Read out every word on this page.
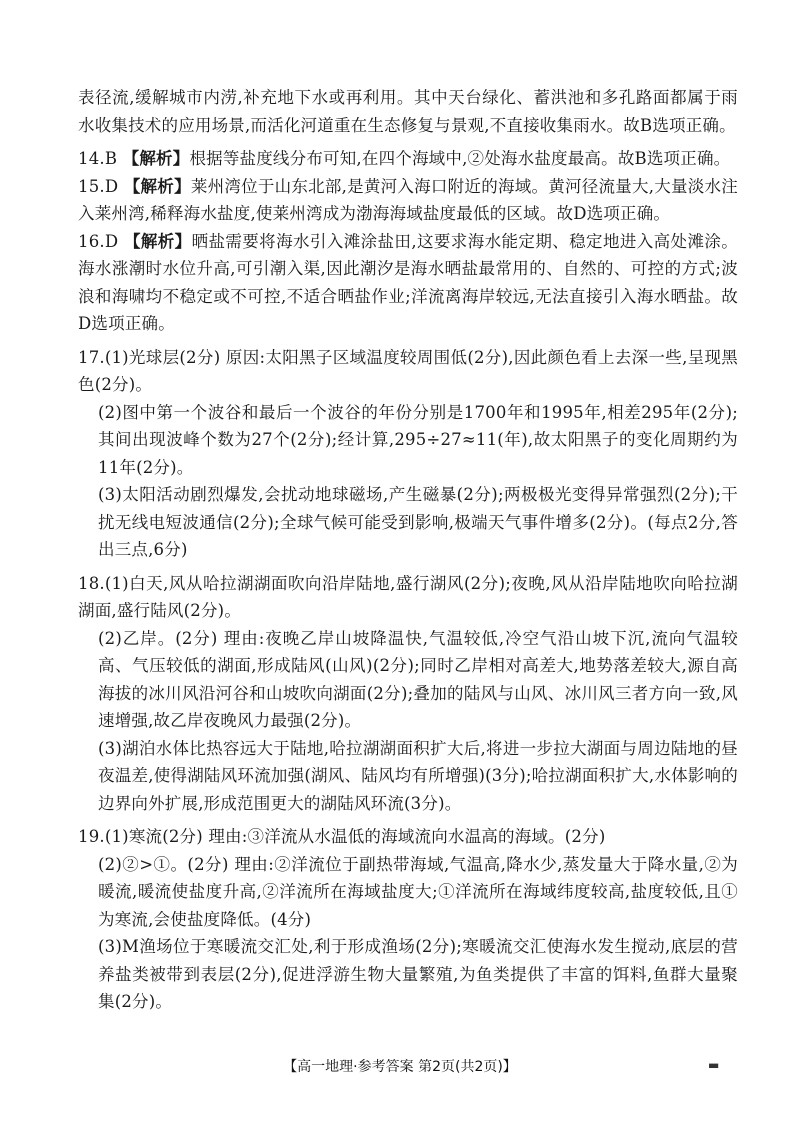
表径流,缓解城市内涝,补充地下水或再利用。其中天台绿化、蓄洪池和多孔路面都属于雨水收集技术的应用场景,而活化河道重在生态修复与景观,不直接收集雨水。故B选项正确。

14.B 【解析】根据等盐度线分布可知,在四个海域中,②处海水盐度最高。故B选项正确。

15.D 【解析】莱州湾位于山东北部,是黄河入海口附近的海域。黄河径流量大,大量淡水注入莱州湾,稀释海水盐度,使莱州湾成为渤海海域盐度最低的区域。故D选项正确。

16.D 【解析】晒盐需要将海水引入滩涂盐田,这要求海水能定期、稳定地进入高处滩涂。海水涨潮时水位升高,可引潮入渠,因此潮汐是海水晒盐最常用的、自然的、可控的方式;波浪和海啸均不稳定或不可控,不适合晒盐作业;洋流离海岸较远,无法直接引入海水晒盐。故D选项正确。

17.(1)光球层(2分) 原因:太阳黑子区域温度较周围低(2分),因此颜色看上去深一些,呈现黑色(2分)。

(2)图中第一个波谷和最后一个波谷的年份分别是1700年和1995年,相差295年(2分);其间出现波峰个数为27个(2分);经计算,295÷27≈11(年),故太阳黑子的变化周期约为11年(2分)。

(3)太阳活动剧烈爆发,会扰动地球磁场,产生磁暴(2分);两极极光变得异常强烈(2分);干扰无线电短波通信(2分);全球气候可能受到影响,极端天气事件增多(2分)。(每点2分,答出三点,6分)

18.(1)白天,风从哈拉湖湖面吹向沿岸陆地,盛行湖风(2分);夜晚,风从沿岸陆地吹向哈拉湖湖面,盛行陆风(2分)。

(2)乙岸。(2分) 理由:夜晚乙岸山坡降温快,气温较低,冷空气沿山坡下沉,流向气温较高、气压较低的湖面,形成陆风(山风)(2分);同时乙岸相对高差大,地势落差较大,源自高海拔的冰川风沿河谷和山坡吹向湖面(2分);叠加的陆风与山风、冰川风三者方向一致,风速增强,故乙岸夜晚风力最强(2分)。

(3)湖泊水体比热容远大于陆地,哈拉湖湖面积扩大后,将进一步拉大湖面与周边陆地的昼夜温差,使得湖陆风环流加强(湖风、陆风均有所增强)(3分);哈拉湖面积扩大,水体影响的边界向外扩展,形成范围更大的湖陆风环流(3分)。

19.(1)寒流(2分) 理由:③洋流从水温低的海域流向水温高的海域。(2分)

(2)②>①。(2分) 理由:②洋流位于副热带海域,气温高,降水少,蒸发量大于降水量,②为暖流,暖流使盐度升高,②洋流所在海域盐度大;①洋流所在海域纬度较高,盐度较低,且①为寒流,会使盐度降低。(4分)

(3)M渔场位于寒暖流交汇处,利于形成渔场(2分);寒暖流交汇使海水发生搅动,底层的营养盐类被带到表层(2分),促进浮游生物大量繁殖,为鱼类提供了丰富的饵料,鱼群大量聚集(2分)。

【高一地理·参考答案 第2页(共2页)】	▬
